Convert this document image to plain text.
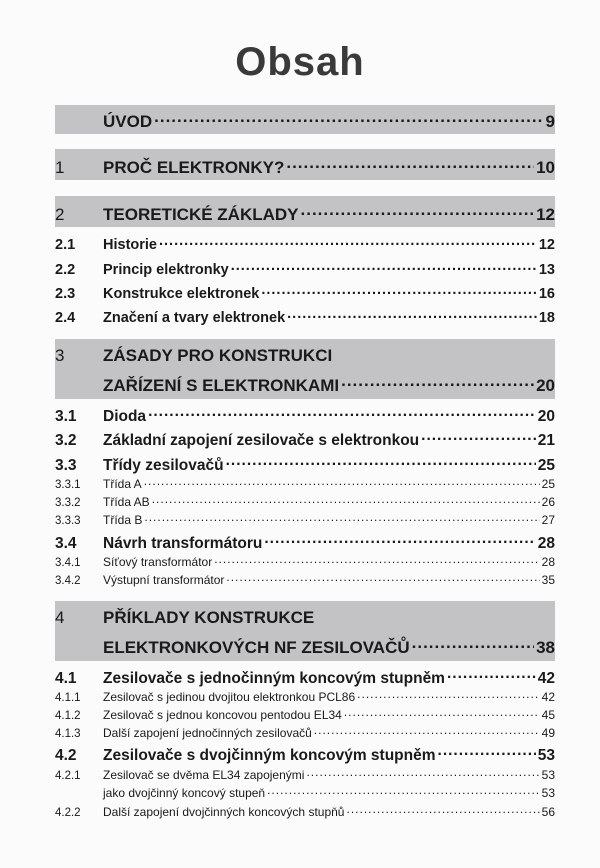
Obsah
ÚVOD .....	9
1	PROČ ELEKTRONKY? .....	10
2	TEORETICKÉ ZÁKLADY .....	12
2.1	Historie .....	12
2.2	Princip elektronky .....	13
2.3	Konstrukce elektronek .....	16
2.4	Značení a tvary elektronek .....	18
3	ZÁSADY PRO KONSTRUKCI
ZAŘÍZENÍ S ELEKTRONKAMI .....	20
3.1	Dioda .....	20
3.2	Základní zapojení zesilovače s elektronkou .....	21
3.3	Třídy zesilovačů .....	25
3.3.1	Třída A .....	25
3.3.2	Třída AB .....	26
3.3.3	Třída B .....	27
3.4	Návrh transformátoru .....	28
3.4.1	Síťový transformátor .....	28
3.4.2	Výstupní transformátor .....	35
4	PŘÍKLADY KONSTRUKCE
ELEKTRONKOVÝCH NF ZESILOVAČŮ .....	38
4.1	Zesilovače s jednočinným koncovým stupněm .....	42
4.1.1	Zesilovač s jedinou dvojitou elektronkou PCL86 .....	42
4.1.2	Zesilovač s jednou koncovou pentodou EL34 .....	45
4.1.3	Další zapojení jednočinných zesilovačů .....	49
4.2	Zesilovače s dvojčinným koncovým stupněm .....	53
4.2.1	Zesilovač se dvěma EL34 zapojenými .....	53
jako dvojčinný koncový stupeň .....	53
4.2.2	Další zapojení dvojčinných koncových stupňů .....	56
